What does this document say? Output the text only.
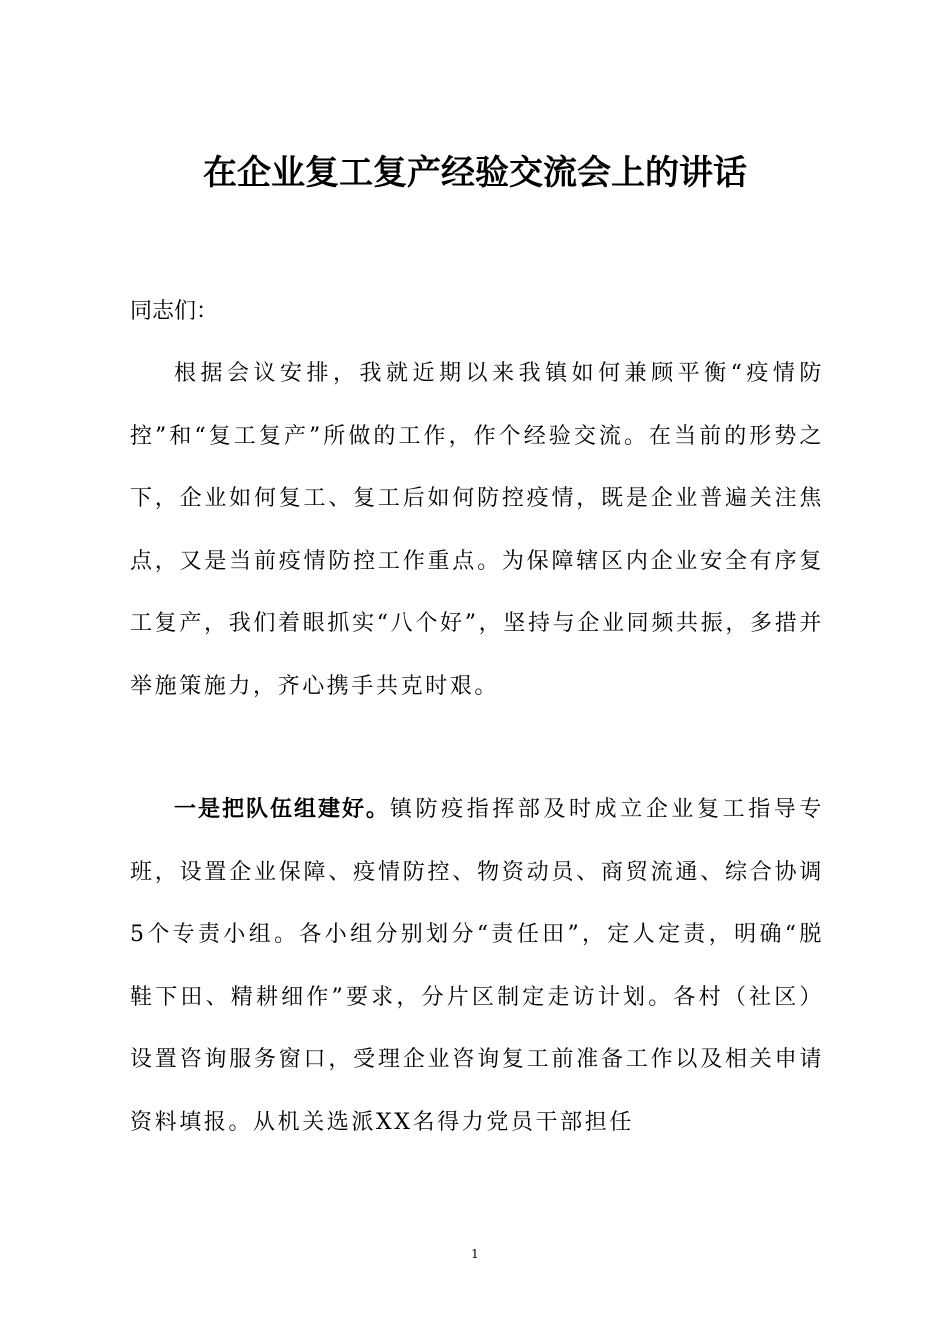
在企业复工复产经验交流会上的讲话
同志们：

根据会议安排，我就近期以来我镇如何兼顾平衡“疫情防控”和“复工复产”所做的工作，作个经验交流。在当前的形势之下，企业如何复工、复工后如何防控疫情，既是企业普遍关注焦点，又是当前疫情防控工作重点。为保障辖区内企业安全有序复工复产，我们着眼抓实“八个好”，坚持与企业同频共振，多措并举施策施力，齐心携手共克时艰。

一是把队伍组建好。镇防疫指挥部及时成立企业复工指导专班，设置企业保障、疫情防控、物资动员、商贸流通、综合协调5个专责小组。各小组分别划分“责任田”，定人定责，明确“脱鞋下田、精耕细作”要求，分片区制定走访计划。各村（社区）设置咨询服务窗口，受理企业咨询复工前准备工作以及相关申请资料填报。从机关选派XX名得力党员干部担任

1
